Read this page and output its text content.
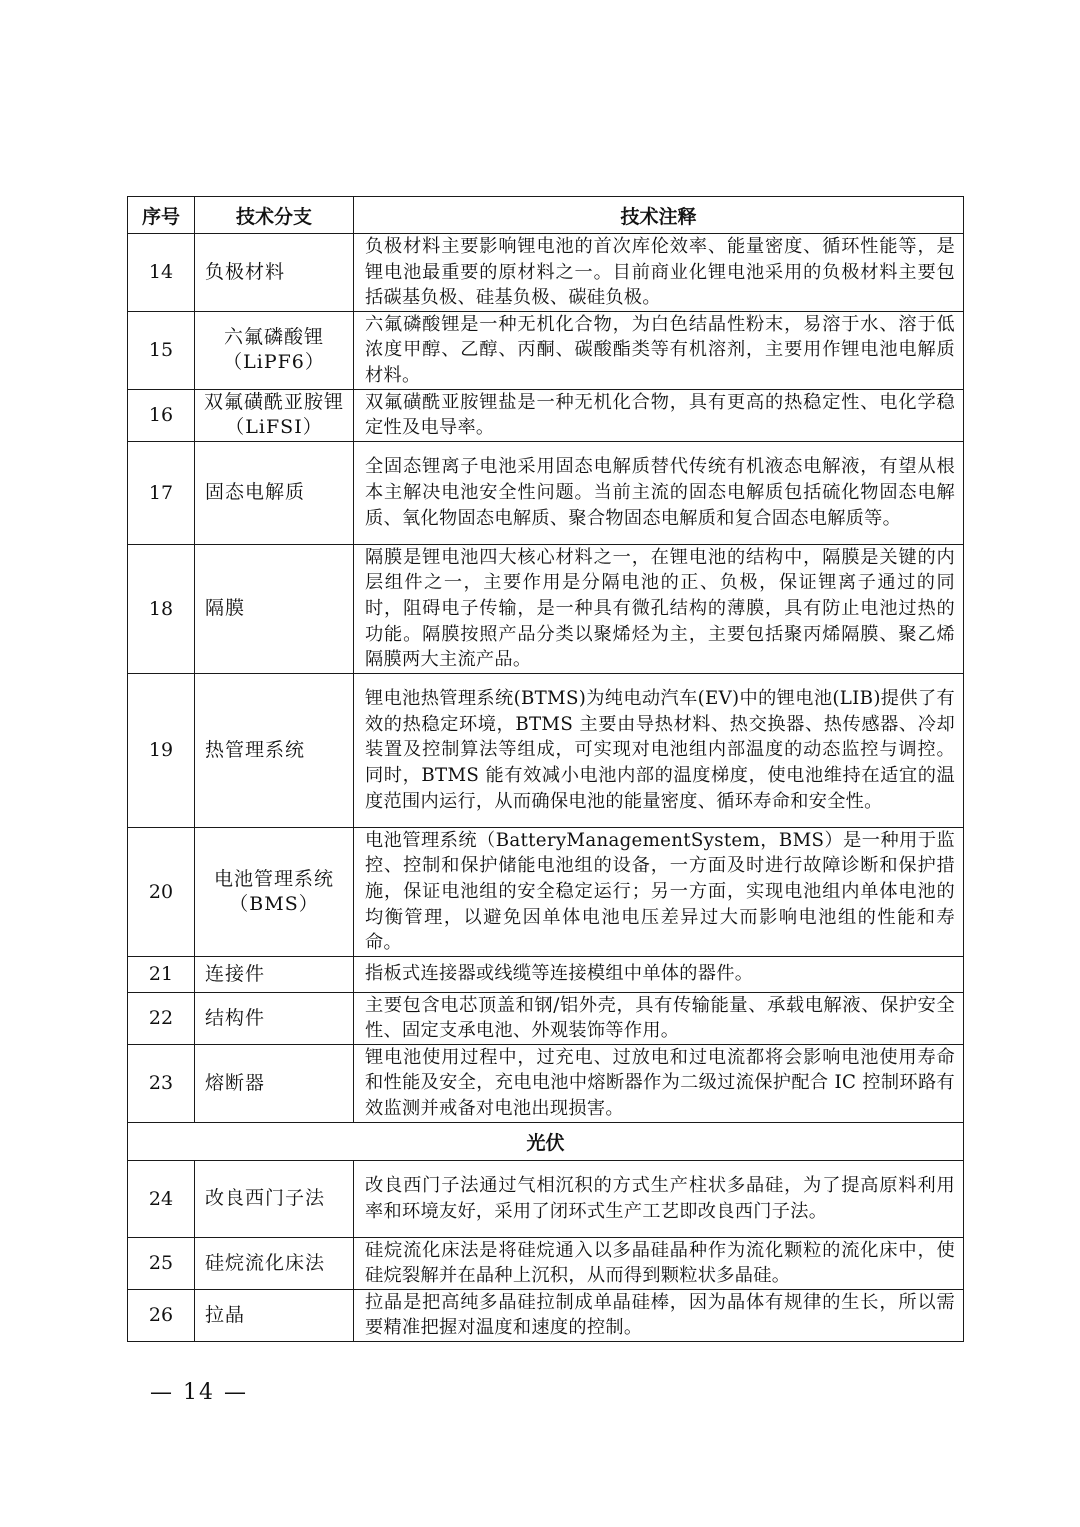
序号	技术分支	技术注释
14	负极材料	负极材料主要影响锂电池的首次库伦效率、能量密度、循环性能等，是锂电池最重要的原材料之一。目前商业化锂电池采用的负极材料主要包括碳基负极、硅基负极、碳硅负极。
15	六氟磷酸锂（LiPF6）	六氟磷酸锂是一种无机化合物，为白色结晶性粉末，易溶于水、溶于低浓度甲醇、乙醇、丙酮、碳酸酯类等有机溶剂，主要用作锂电池电解质材料。
16	双氟磺酰亚胺锂（LiFSI）	双氟磺酰亚胺锂盐是一种无机化合物，具有更高的热稳定性、电化学稳定性及电导率。
17	固态电解质	全固态锂离子电池采用固态电解质替代传统有机液态电解液，有望从根本主解决电池安全性问题。当前主流的固态电解质包括硫化物固态电解质、氧化物固态电解质、聚合物固态电解质和复合固态电解质等。
18	隔膜	隔膜是锂电池四大核心材料之一，在锂电池的结构中，隔膜是关键的内层组件之一，主要作用是分隔电池的正、负极，保证锂离子通过的同时，阻碍电子传输，是一种具有微孔结构的薄膜，具有防止电池过热的功能。隔膜按照产品分类以聚烯烃为主，主要包括聚丙烯隔膜、聚乙烯隔膜两大主流产品。
19	热管理系统	锂电池热管理系统(BTMS)为纯电动汽车(EV)中的锂电池(LIB)提供了有效的热稳定环境，BTMS 主要由导热材料、热交换器、热传感器、冷却装置及控制算法等组成，可实现对电池组内部温度的动态监控与调控。同时，BTMS 能有效减小电池内部的温度梯度，使电池维持在适宜的温度范围内运行，从而确保电池的能量密度、循环寿命和安全性。
20	电池管理系统（BMS）	电池管理系统（BatteryManagementSystem，BMS）是一种用于监控、控制和保护储能电池组的设备，一方面及时进行故障诊断和保护措施，保证电池组的安全稳定运行；另一方面，实现电池组内单体电池的均衡管理，以避免因单体电池电压差异过大而影响电池组的性能和寿命。
21	连接件	指板式连接器或线缆等连接模组中单体的器件。
22	结构件	主要包含电芯顶盖和钢/铝外壳，具有传输能量、承载电解液、保护安全性、固定支承电池、外观装饰等作用。
23	熔断器	锂电池使用过程中，过充电、过放电和过电流都将会影响电池使用寿命和性能及安全，充电电池中熔断器作为二级过流保护配合 IC 控制环路有效监测并戒备对电池出现损害。
光伏		
24	改良西门子法	改良西门子法通过气相沉积的方式生产柱状多晶硅，为了提高原料利用率和环境友好，采用了闭环式生产工艺即改良西门子法。
25	硅烷流化床法	硅烷流化床法是将硅烷通入以多晶硅晶种作为流化颗粒的流化床中，使硅烷裂解并在晶种上沉积，从而得到颗粒状多晶硅。
26	拉晶	拉晶是把高纯多晶硅拉制成单晶硅棒，因为晶体有规律的生长，所以需要精准把握对温度和速度的控制。
— 14 —
